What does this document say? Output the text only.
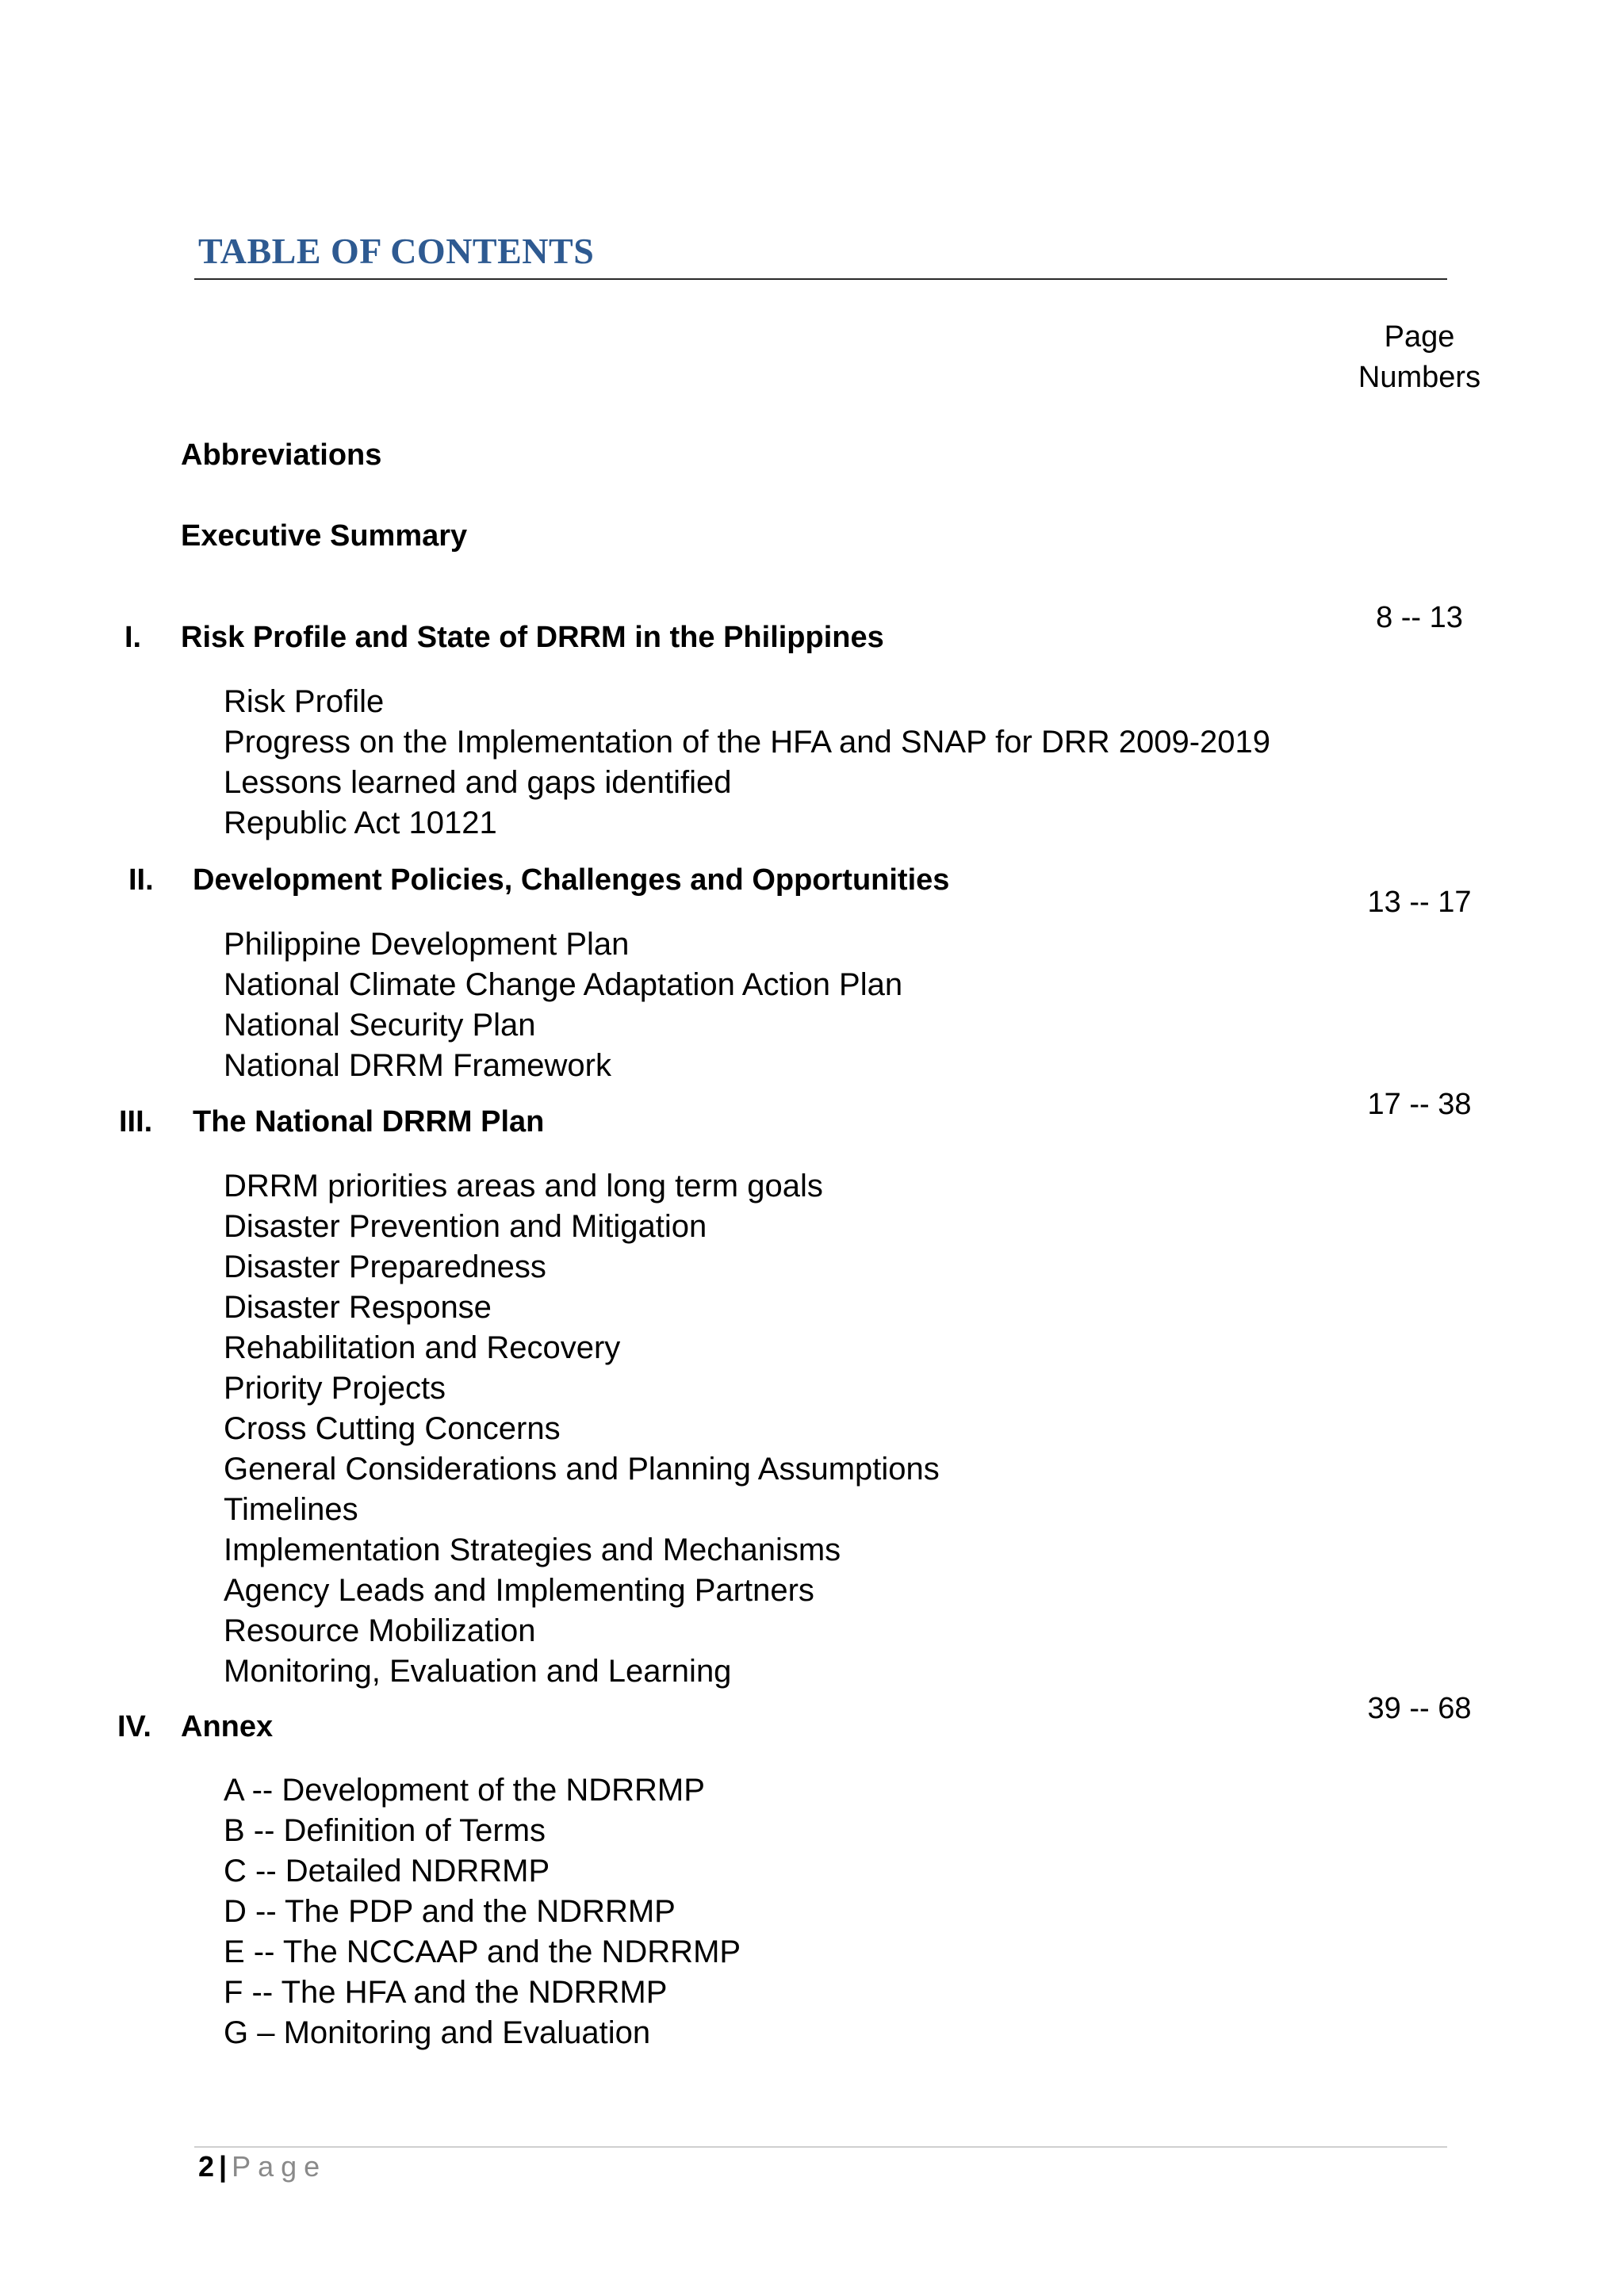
TABLE OF CONTENTS
Page
Numbers
Abbreviations
Executive Summary
I. Risk Profile and State of DRRM in the Philippines
8 -- 13
Risk Profile
Progress on the Implementation of the HFA and SNAP for DRR 2009-2019
Lessons learned and gaps identified
Republic Act 10121
II. Development Policies, Challenges and Opportunities
13 -- 17
Philippine Development Plan
National Climate Change Adaptation Action Plan
National Security Plan
National DRRM Framework
III. The National DRRM Plan
17 -- 38
DRRM priorities areas and long term goals
Disaster Prevention and Mitigation
Disaster Preparedness
Disaster Response
Rehabilitation and Recovery
Priority Projects
Cross Cutting Concerns
General Considerations and Planning Assumptions
Timelines
Implementation Strategies and Mechanisms
Agency Leads and Implementing Partners
Resource Mobilization
Monitoring, Evaluation and Learning
IV. Annex
39 -- 68
A -- Development of the NDRRMP
B -- Definition of Terms
C -- Detailed NDRRMP
D -- The PDP and the NDRRMP
E -- The NCCAAP and the NDRRMP
F -- The HFA and the NDRRMP
G – Monitoring and Evaluation
2 | Page
